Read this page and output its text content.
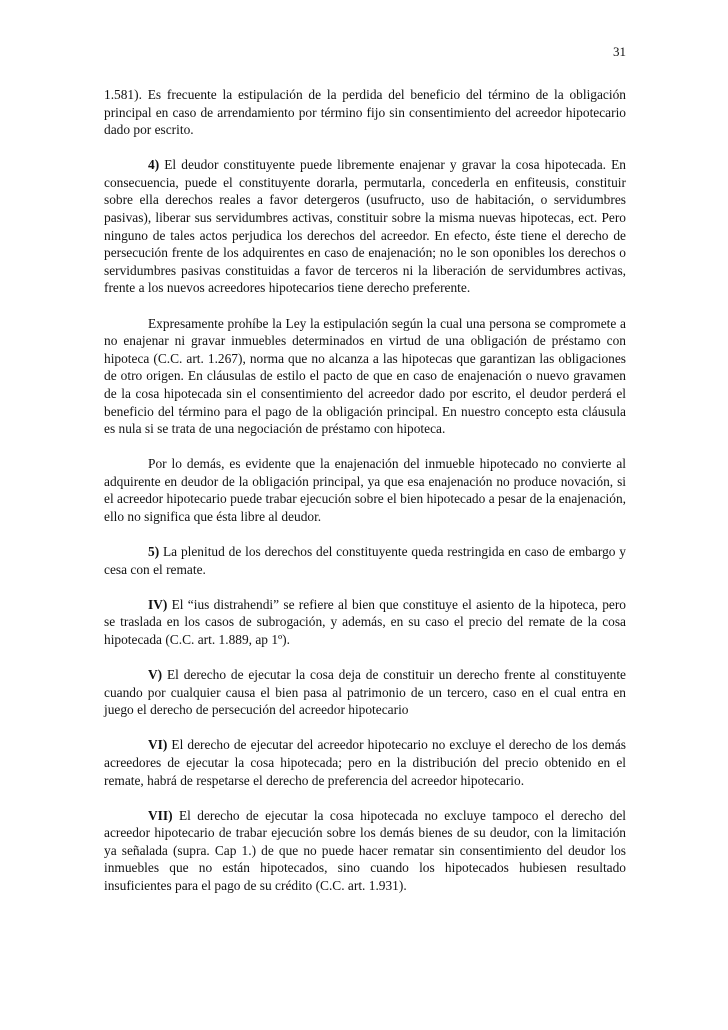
31

1.581). Es frecuente la estipulación de la perdida del beneficio del término de la obligación principal en caso de arrendamiento por término fijo sin consentimiento del acreedor hipotecario dado por escrito.

4) El deudor constituyente puede libremente enajenar y gravar la cosa hipotecada. En consecuencia, puede el constituyente dorarla, permutarla, concederla en enfiteusis, constituir sobre ella derechos reales a favor detergeros (usufructo, uso de habitación, o servidumbres pasivas), liberar sus servidumbres activas, constituir sobre la misma nuevas hipotecas, ect. Pero ninguno de tales actos perjudica los derechos del acreedor. En efecto, éste tiene el derecho de persecución frente de los adquirentes en caso de enajenación; no le son oponibles los derechos o servidumbres pasivas constituidas a favor de terceros ni la liberación de servidumbres activas, frente a los nuevos acreedores hipotecarios tiene derecho preferente.

Expresamente prohíbe la Ley la estipulación según la cual una persona se compromete a no enajenar ni gravar inmuebles determinados en virtud de una obligación de préstamo con hipoteca (C.C. art. 1.267), norma que no alcanza a las hipotecas que garantizan las obligaciones de otro origen. En cláusulas de estilo el pacto de que en caso de enajenación o nuevo gravamen de la cosa hipotecada sin el consentimiento del acreedor dado por escrito, el deudor perderá el beneficio del término para el pago de la obligación principal. En nuestro concepto esta cláusula es nula si se trata de una negociación de préstamo con hipoteca.

Por lo demás, es evidente que la enajenación del inmueble hipotecado no convierte al adquirente en deudor de la obligación principal, ya que esa enajenación no produce novación, si el acreedor hipotecario puede trabar ejecución sobre el bien hipotecado a pesar de la enajenación, ello no significa que ésta libre al deudor.

5) La plenitud de los derechos del constituyente queda restringida en caso de embargo y cesa con el remate.

IV) El “ius distrahendi” se refiere al bien que constituye el asiento de la hipoteca, pero se traslada en los casos de subrogación, y además, en su caso el precio del remate de la cosa hipotecada (C.C. art. 1.889, ap 1º).

V) El derecho de ejecutar la cosa deja de constituir un derecho frente al constituyente cuando por cualquier causa el bien pasa al patrimonio de un tercero, caso en el cual entra en juego el derecho de persecución del acreedor hipotecario

VI) El derecho de ejecutar del acreedor hipotecario no excluye el derecho de los demás acreedores de ejecutar la cosa hipotecada; pero en la distribución del precio obtenido en el remate, habrá de respetarse el derecho de preferencia del acreedor hipotecario.

VII) El derecho de ejecutar la cosa hipotecada no excluye tampoco el derecho del acreedor hipotecario de trabar ejecución sobre los demás bienes de su deudor, con la limitación ya señalada (supra. Cap 1.) de que no puede hacer rematar sin consentimiento del deudor los inmuebles que no están hipotecados, sino cuando los hipotecados hubiesen resultado insuficientes para el pago de su crédito (C.C. art. 1.931).
